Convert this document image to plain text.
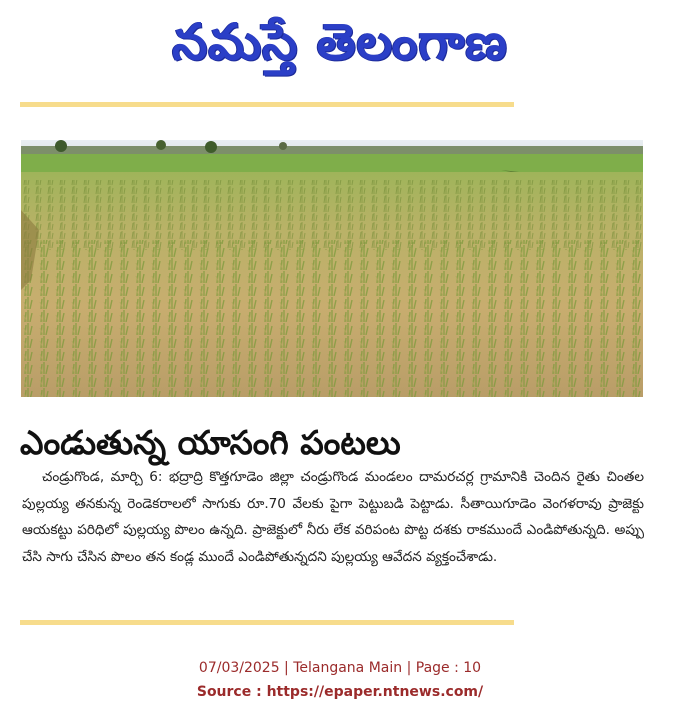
నమస్తే తెలంగాణ
ఎండుతున్న యాసంగి పంటలు
చండ్రుగొండ, మార్చి 6: భద్రాద్రి కొత్తగూడెం జిల్లా చండ్రుగొండ మండలం దామరచర్ల గ్రామానికి చెందిన రైతు చింతల పుల్లయ్య తనకున్న రెండెకరాలలో సాగుకు రూ.70 వేలకు పైగా పెట్టుబడి పెట్టాడు. సీతాయిగూడెం వెంగళరావు ప్రాజెక్టు ఆయకట్టు పరిధిలో పుల్లయ్య పొలం ఉన్నది. ప్రాజెక్టులో నీరు లేక వరిపంట పొట్ట దశకు రాకముందే ఎండిపోతున్నది. అప్పు చేసి సాగు చేసిన పొలం తన కండ్ల ముందే ఎండిపోతున్నదని పుల్లయ్య ఆవేదన వ్యక్తంచేశాడు.
07/03/2025 | Telangana Main | Page : 10
Source : https://epaper.ntnews.com/
